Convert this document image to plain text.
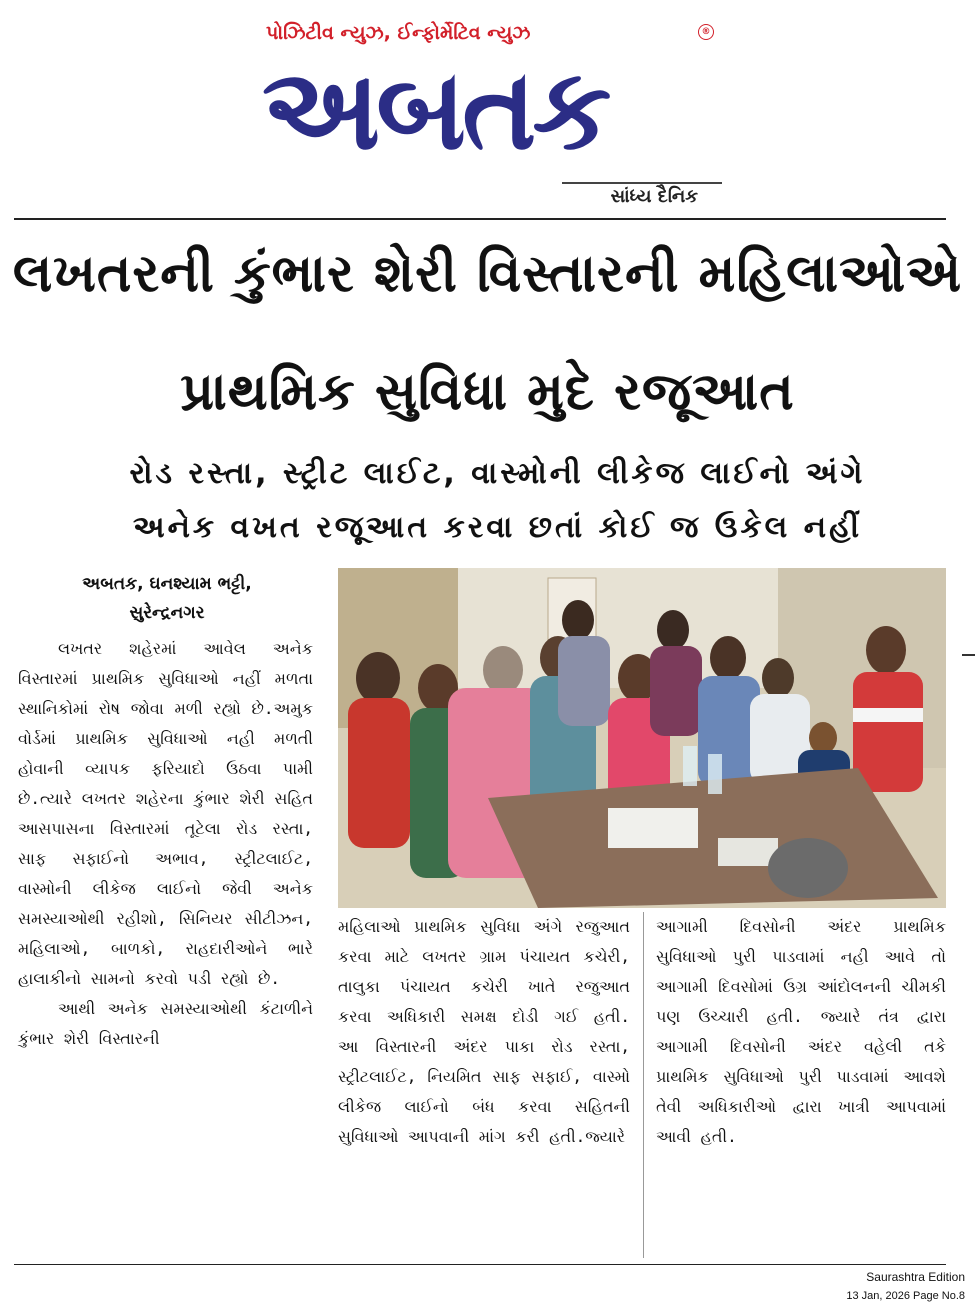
પોઝિટીવ ન્યુઝ, ઈન્ફોર્મેટિવ ન્યુઝ	®
અબતક
સાંધ્ય દૈનિક
લખતરની કુંભાર શેરી વિસ્તારની મહિલાઓએ
પ્રાથમિક સુવિધા મુદે રજૂઆત
રોડ રસ્તા, સ્ટ્રીટ લાઈટ, વાસ્મોની લીકેજ લાઈનો અંગે
અનેક વખત રજૂઆત કરવા છતાં કોઈ જ ઉકેલ નહીં
અબતક, ઘનશ્યામ ભટ્ટી,
સુરેન્દ્રનગર
લખતર શહેરમાં આવેલ અનેક વિસ્તારમાં પ્રાથમિક સુવિધાઓ નહીં મળતા સ્થાનિકોમાં રોષ જોવા મળી રહ્યો છે.અમુક વોર્ડમાં પ્રાથમિક સુવિધાઓ નહી મળતી હોવાની વ્યાપક ફરિયાદો ઉઠવા પામી છે.ત્યારે લખતર શહેરના કુંભાર શેરી સહિત આસપાસના વિસ્તારમાં તૂટેલા રોડ રસ્તા, સાફ સફાઈનો અભાવ, સ્ટ્રીટલાઈટ, વાસ્મોની લીકેજ લાઈનો જેવી અનેક સમસ્યાઓથી રહીશો, સિનિયર સીટીઝન, મહિલાઓ, બાળકો, રાહદારીઓને ભારે હાલાકીનો સામનો કરવો પડી રહ્યો છે.
આથી અનેક સમસ્યાઓથી કંટાળીને કુંભાર શેરી વિસ્તારની
મહિલાઓ પ્રાથમિક સુવિધા અંગે રજુઆત કરવા માટે લખતર ગ્રામ પંચાયત કચેરી, તાલુકા પંચાયત કચેરી ખાતે રજુઆત કરવા અધિકારી સમક્ષ દોડી ગઈ હતી. આ વિસ્તારની અંદર પાકા રોડ રસ્તા, સ્ટ્રીટલાઈટ, નિયમિત સાફ સફાઈ, વાસ્મો લીકેજ લાઈનો બંધ કરવા સહિતની સુવિધાઓ આપવાની માંગ કરી હતી.જ્યારે
આગામી દિવસોની અંદર પ્રાથમિક સુવિધાઓ પુરી પાડવામાં નહી આવે તો આગામી દિવસોમાં ઉગ્ર આંદોલનની ચીમકી પણ ઉચ્ચારી હતી. જ્યારે તંત્ર દ્વારા આગામી દિવસોની અંદર વહેલી તકે પ્રાથમિક સુવિધાઓ પુરી પાડવામાં આવશે તેવી અધિકારીઓ દ્વારા ખાત્રી આપવામાં આવી હતી.
Saurashtra Edition
13 Jan, 2026 Page No.8
